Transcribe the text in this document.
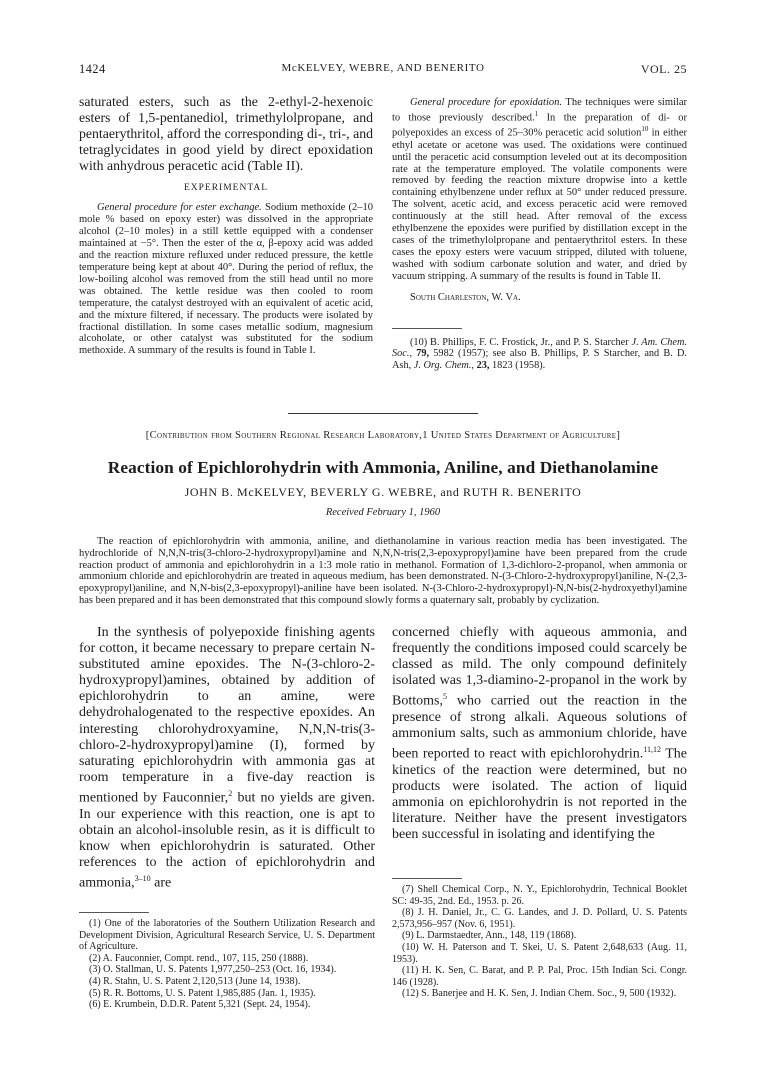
1424	McKELVEY, WEBRE, AND BENERITO	VOL. 25

saturated esters, such as the 2-ethyl-2-hexenoic esters of 1,5-pentanediol, trimethylolpropane, and pentaerythritol, afford the corresponding di-, tri-, and tetraglycidates in good yield by direct epoxidation with anhydrous peracetic acid (Table II).

EXPERIMENTAL

General procedure for ester exchange. Sodium methoxide (2–10 mole % based on epoxy ester) was dissolved in the appropriate alcohol (2–10 moles) in a still kettle equipped with a condenser maintained at −5°. Then the ester of the α, β-epoxy acid was added and the reaction mixture refluxed under reduced pressure, the kettle temperature being kept at about 40°. During the period of reflux, the low-boiling alcohol was removed from the still head until no more was obtained. The kettle residue was then cooled to room temperature, the catalyst destroyed with an equivalent of acetic acid, and the mixture filtered, if necessary. The products were isolated by fractional distillation. In some cases metallic sodium, magnesium alcoholate, or other catalyst was substituted for the sodium methoxide. A summary of the results is found in Table I.

General procedure for epoxidation. The techniques were similar to those previously described.$^1$ In the preparation of di- or polyepoxides an excess of 25–30% peracetic acid solution$^{10}$ in either ethyl acetate or acetone was used. The oxidations were continued until the peracetic acid consumption leveled out at its decomposition rate at the temperature employed. The volatile components were removed by feeding the reaction mixture dropwise into a kettle containing ethylbenzene under reflux at 50° under reduced pressure. The solvent, acetic acid, and excess peracetic acid were removed continuously at the still head. After removal of the excess ethylbenzene the epoxides were purified by distillation except in the cases of the trimethylolpropane and pentaerythritol esters. In these cases the epoxy esters were vacuum stripped, diluted with toluene, washed with sodium carbonate solution and water, and dried by vacuum stripping. A summary of the results is found in Table II.

South Charleston, W. Va.

(10) B. Phillips, F. C. Frostick, Jr., and P. S. Starcher J. Am. Chem. Soc., 79, 5982 (1957); see also B. Phillips, P. S Starcher, and B. D. Ash, J. Org. Chem., 23, 1823 (1958).

[Contribution from Southern Regional Research Laboratory,1 United States Department of Agriculture]
Reaction of Epichlorohydrin with Ammonia, Aniline, and Diethanolamine
JOHN B. McKELVEY, BEVERLY G. WEBRE, and RUTH R. BENERITO
Received February 1, 1960

The reaction of epichlorohydrin with ammonia, aniline, and diethanolamine in various reaction media has been investigated. The hydrochloride of N,N,N-tris(3-chloro-2-hydroxypropyl)amine and N,N,N-tris(2,3-epoxypropyl)amine have been prepared from the crude reaction product of ammonia and epichlorohydrin in a 1:3 mole ratio in methanol. Formation of 1,3-dichloro-2-propanol, when ammonia or ammonium chloride and epichlorohydrin are treated in aqueous medium, has been demonstrated. N-(3-Chloro-2-hydroxypropyl)aniline, N-(2,3-epoxypropyl)aniline, and N,N-bis(2,3-epoxypropyl)-aniline have been isolated. N-(3-Chloro-2-hydroxypropyl)-N,N-bis(2-hydroxyethyl)amine has been prepared and it has been demonstrated that this compound slowly forms a quaternary salt, probably by cyclization.

In the synthesis of polyepoxide finishing agents for cotton, it became necessary to prepare certain N-substituted amine epoxides. The N-(3-chloro-2-hydroxypropyl)amines, obtained by addition of epichlorohydrin to an amine, were dehydrohalogenated to the respective epoxides. An interesting chlorohydroxyamine, N,N,N-tris(3-chloro-2-hydroxypropyl)amine (I), formed by saturating epichlorohydrin with ammonia gas at room temperature in a five-day reaction is mentioned by Fauconnier,$^2$ but no yields are given. In our experience with this reaction, one is apt to obtain an alcohol-insoluble resin, as it is difficult to know when epichlorohydrin is saturated. Other references to the action of epichlorohydrin and ammonia,$^{3-10}$ are

concerned chiefly with aqueous ammonia, and frequently the conditions imposed could scarcely be classed as mild. The only compound definitely isolated was 1,3-diamino-2-propanol in the work by Bottoms,$^5$ who carried out the reaction in the presence of strong alkali. Aqueous solutions of ammonium salts, such as ammonium chloride, have been reported to react with epichlorohydrin.$^{11,12}$ The kinetics of the reaction were determined, but no products were isolated. The action of liquid ammonia on epichlorohydrin is not reported in the literature. Neither have the present investigators been successful in isolating and identifying the

(1) One of the laboratories of the Southern Utilization Research and Development Division, Agricultural Research Service, U. S. Department of Agriculture.

(2) A. Fauconnier, Compt. rend., 107, 115, 250 (1888).

(3) O. Stallman, U. S. Patents 1,977,250–253 (Oct. 16, 1934).

(4) R. Stahn, U. S. Patent 2,120,513 (June 14, 1938).

(5) R. R. Bottoms, U. S. Patent 1,985,885 (Jan. 1, 1935).

(6) E. Krumbein, D.D.R. Patent 5,321 (Sept. 24, 1954).

(7) Shell Chemical Corp., N. Y., Epichlorohydrin, Technical Booklet SC: 49-35, 2nd. Ed., 1953. p. 26.

(8) J. H. Daniel, Jr., C. G. Landes, and J. D. Pollard, U. S. Patents 2,573,956–957 (Nov. 6, 1951).

(9) L. Darmstaedter, Ann., 148, 119 (1868).

(10) W. H. Paterson and T. Skei, U. S. Patent 2,648,633 (Aug. 11, 1953).

(11) H. K. Sen, C. Barat, and P. P. Pal, Proc. 15th Indian Sci. Congr. 146 (1928).

(12) S. Banerjee and H. K. Sen, J. Indian Chem. Soc., 9, 500 (1932).
